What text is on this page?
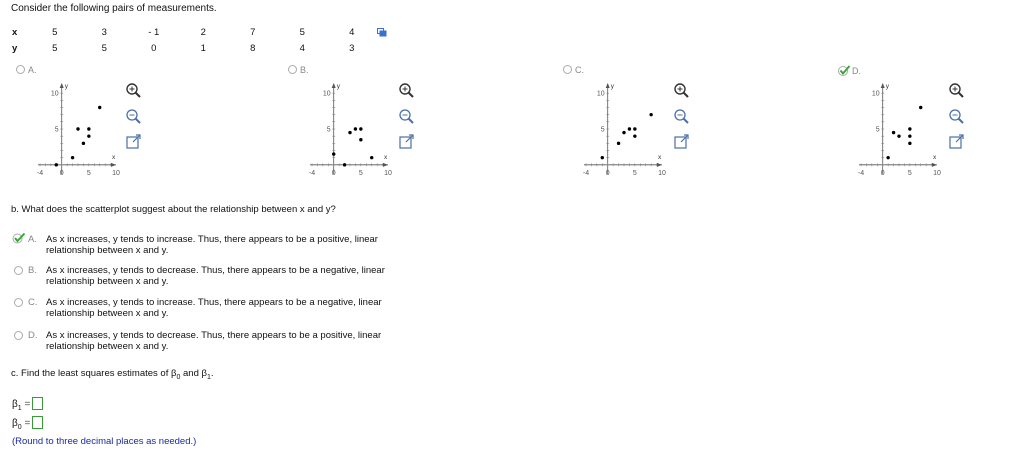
Consider the following pairs of measurements.
x	5	3	- 1	2	7	5	4
y	5	5	0	1	8	4	3
A.	B.	C.	D.
-4 0	5	10
10
5
x
y
-4 0	5	10
10
5
x
y
-4 0	5	10
10
5
x
y
-4 0	5	10
10
5
x
y
b. What does the scatterplot suggest about the relationship between x and y?
A. As x increases, y tends to increase. Thus, there appears to be a positive, linear
relationship between x and y.
B. As x increases, y tends to decrease. Thus, there appears to be a negative, linear
relationship between x and y.
C. As x increases, y tends to increase. Thus, there appears to be a negative, linear
relationship between x and y.
D. As x increases, y tends to decrease. Thus, there appears to be a positive, linear
relationship between x and y.
c. Find the least squares estimates of $\beta_0$ and $\beta_1$.
$\beta_1$ =
$\beta_0$ =
(Round to three decimal places as needed.)
